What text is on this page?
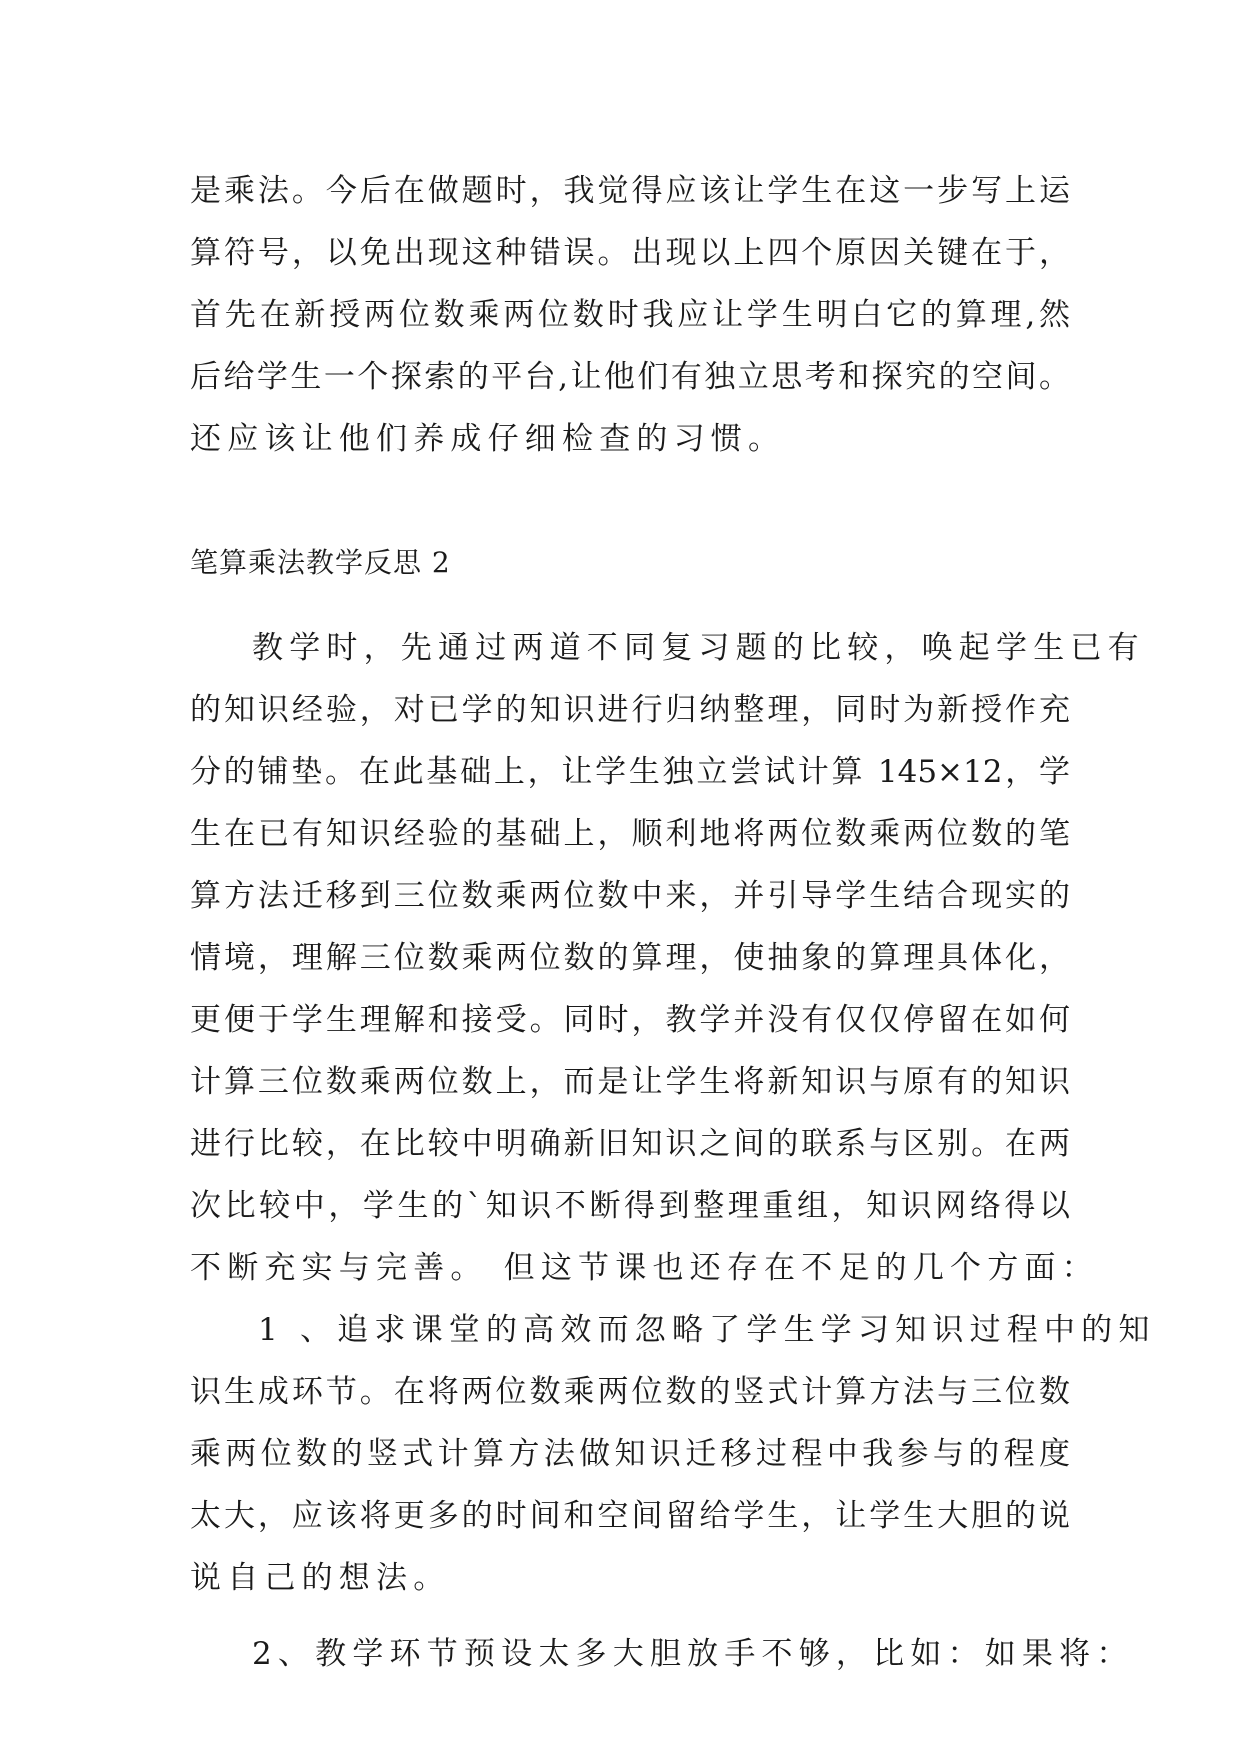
是乘法。今后在做题时，我觉得应该让学生在这一步写上运

算符号，以免出现这种错误。出现以上四个原因关键在于，

首先在新授两位数乘两位数时我应让学生明白它的算理,然

后给学生一个探索的平台,让他们有独立思考和探究的空间。

还应该让他们养成仔细检查的习惯。

笔算乘法教学反思 2

教学时，先通过两道不同复习题的比较，唤起学生已有

的知识经验，对已学的知识进行归纳整理，同时为新授作充

分的铺垫。在此基础上，让学生独立尝试计算 145×12，学

生在已有知识经验的基础上，顺利地将两位数乘两位数的笔

算方法迁移到三位数乘两位数中来，并引导学生结合现实的

情境，理解三位数乘两位数的算理，使抽象的算理具体化，

更便于学生理解和接受。同时，教学并没有仅仅停留在如何

计算三位数乘两位数上，而是让学生将新知识与原有的知识

进行比较，在比较中明确新旧知识之间的联系与区别。在两

次比较中，学生的`知识不断得到整理重组，知识网络得以

不断充实与完善。 但这节课也还存在不足的几个方面：

1 、追求课堂的高效而忽略了学生学习知识过程中的知

识生成环节。在将两位数乘两位数的竖式计算方法与三位数

乘两位数的竖式计算方法做知识迁移过程中我参与的程度

太大，应该将更多的时间和空间留给学生，让学生大胆的说

说自己的想法。

2、教学环节预设太多大胆放手不够，比如：如果将：
